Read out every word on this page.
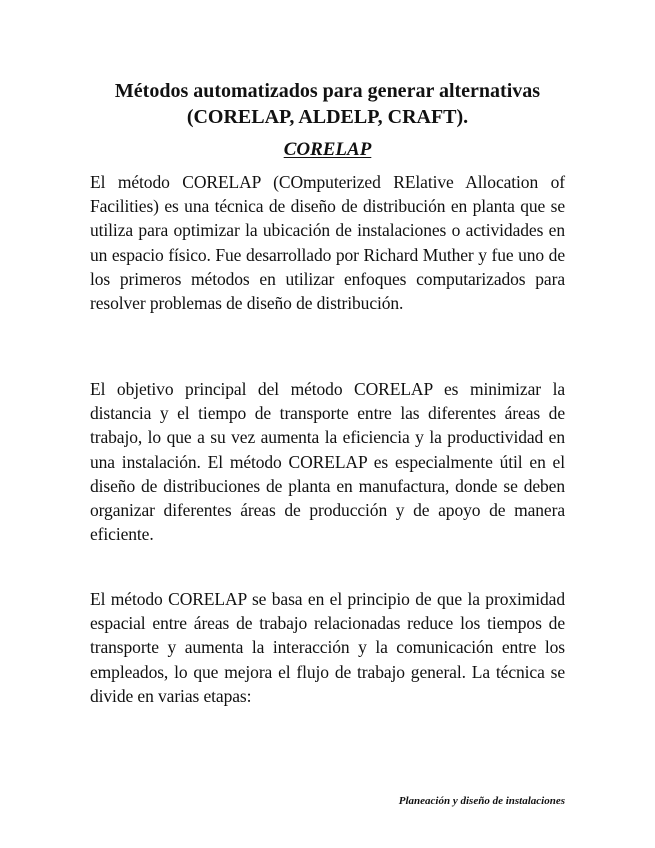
Métodos automatizados para generar alternativas
(CORELAP, ALDELP, CRAFT).
CORELAP

El método CORELAP (COmputerized RElative Allocation of Facilities) es una técnica de diseño de distribución en planta que se utiliza para optimizar la ubicación de instalaciones o actividades en un espacio físico. Fue desarrollado por Richard Muther y fue uno de los primeros métodos en utilizar enfoques computarizados para resolver problemas de diseño de distribución.

El objetivo principal del método CORELAP es minimizar la distancia y el tiempo de transporte entre las diferentes áreas de trabajo, lo que a su vez aumenta la eficiencia y la productividad en una instalación. El método CORELAP es especialmente útil en el diseño de distribuciones de planta en manufactura, donde se deben organizar diferentes áreas de producción y de apoyo de manera eficiente.

El método CORELAP se basa en el principio de que la proximidad espacial entre áreas de trabajo relacionadas reduce los tiempos de transporte y aumenta la interacción y la comunicación entre los empleados, lo que mejora el flujo de trabajo general. La técnica se divide en varias etapas:

Planeación y diseño de instalaciones
